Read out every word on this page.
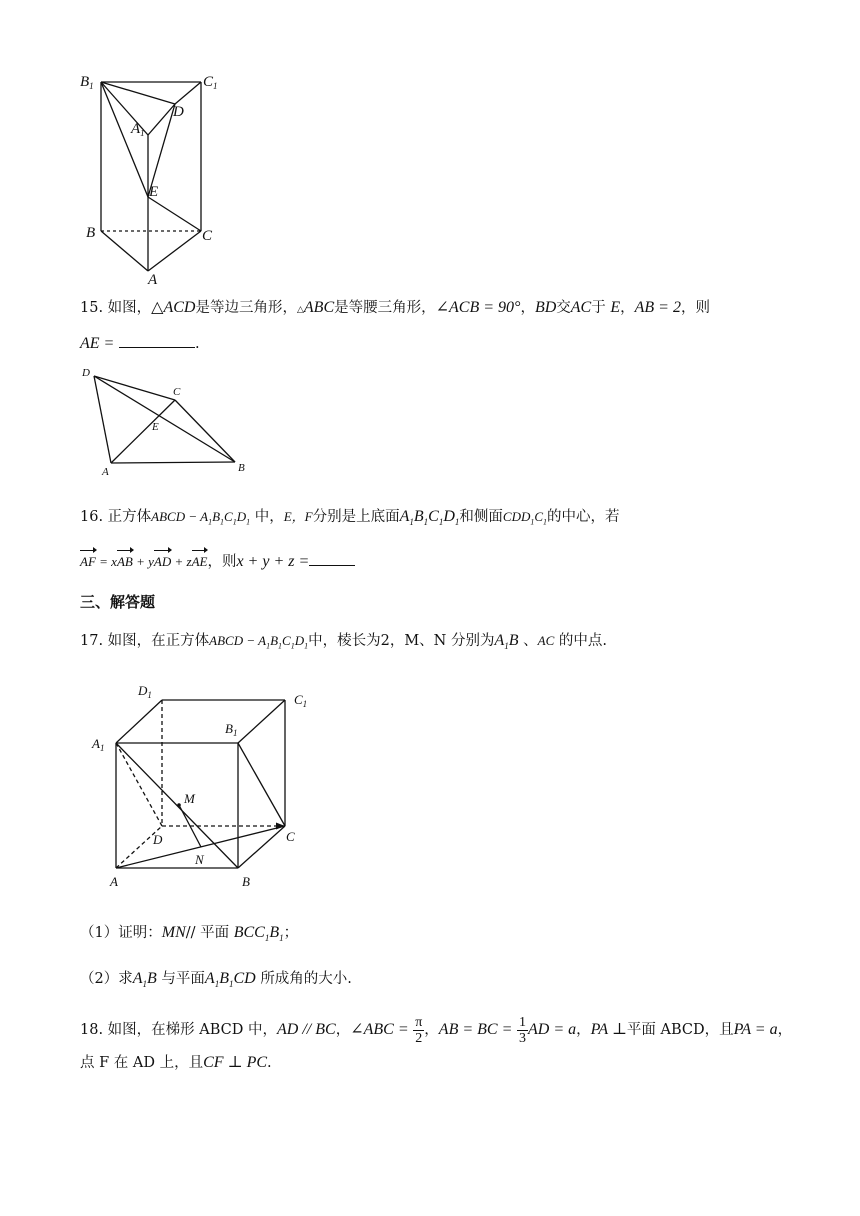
$B_1$	$C_1$
D
$A_1$
E
B	C
A
15. 如图，△ACD是等边三角形，△ABC是等腰三角形，∠ACB = 90°，BD交AC于 E，AB = 2，则
AE =	.
D
C
E
A	B
16. 正方体ABCD − $A_1B_1C_1D_1$ 中，E，F分别是上底面$A_1B_1C_1D_1$和侧面$CDD_1C_1$的中心，若
AF = xAB + yAD + zAE，则x + y + z =
三、解答题
17. 如图，在正方体ABCD − $A_1B_1C_1D_1$中，棱长为2，M、N 分别为$A_1B$ 、AC 的中点.
$D_1$	$C_1$
$B_1$
$A_1$
M
D	C
N
A	B
（1）证明：MN// 平面 $BCC_1B_1$；
（2）求$A_1B$ 与平面$A_1B_1CD$ 所成角的大小.
18. 如图，在梯形 ABCD 中，AD // BC，∠ABC = $\frac{\pi}{2}$ ，AB = BC = $\frac{1}{3}$ AD = a，PA ⊥平面 ABCD，且PA = a，
点 F 在 AD 上，且CF ⊥ PC.
